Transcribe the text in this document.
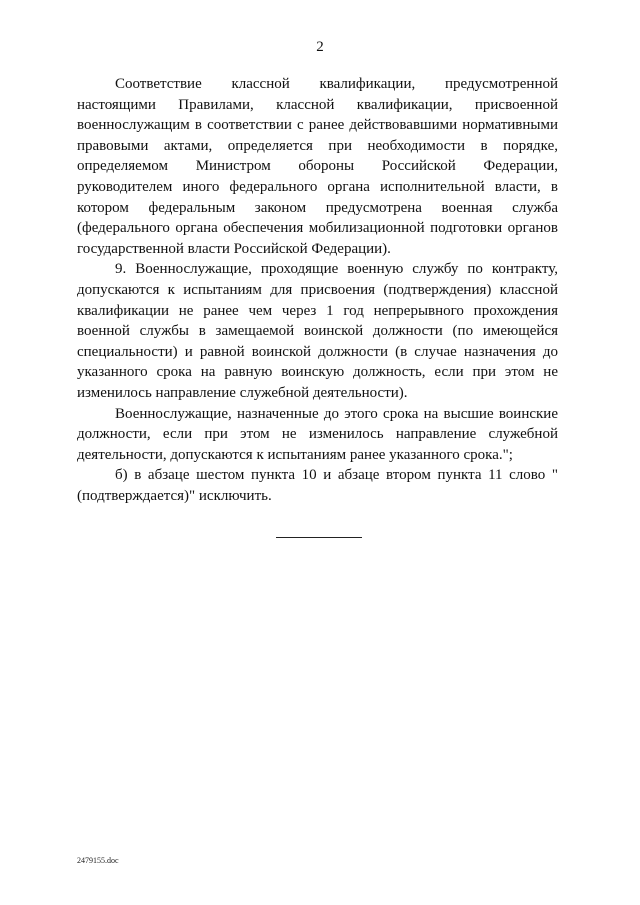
2

Соответствие классной квалификации, предусмотренной настоящими Правилами, классной квалификации, присвоенной военнослужащим в соответствии с ранее действовавшими нормативными правовыми актами, определяется при необходимости в порядке, определяемом Министром обороны Российской Федерации, руководителем иного федерального органа исполнительной власти, в котором федеральным законом предусмотрена военная служба (федерального органа обеспечения мобилизационной подготовки органов государственной власти Российской Федерации).

9. Военнослужащие, проходящие военную службу по контракту, допускаются к испытаниям для присвоения (подтверждения) классной квалификации не ранее чем через 1 год непрерывного прохождения военной службы в замещаемой воинской должности (по имеющейся специальности) и равной воинской должности (в случае назначения до указанного срока на равную воинскую должность, если при этом не изменилось направление служебной деятельности).

Военнослужащие, назначенные до этого срока на высшие воинские должности, если при этом не изменилось направление служебной деятельности, допускаются к испытаниям ранее указанного срока.";

б) в абзаце шестом пункта 10 и абзаце втором пункта 11 слово "(подтверждается)" исключить.

2479155.doc
